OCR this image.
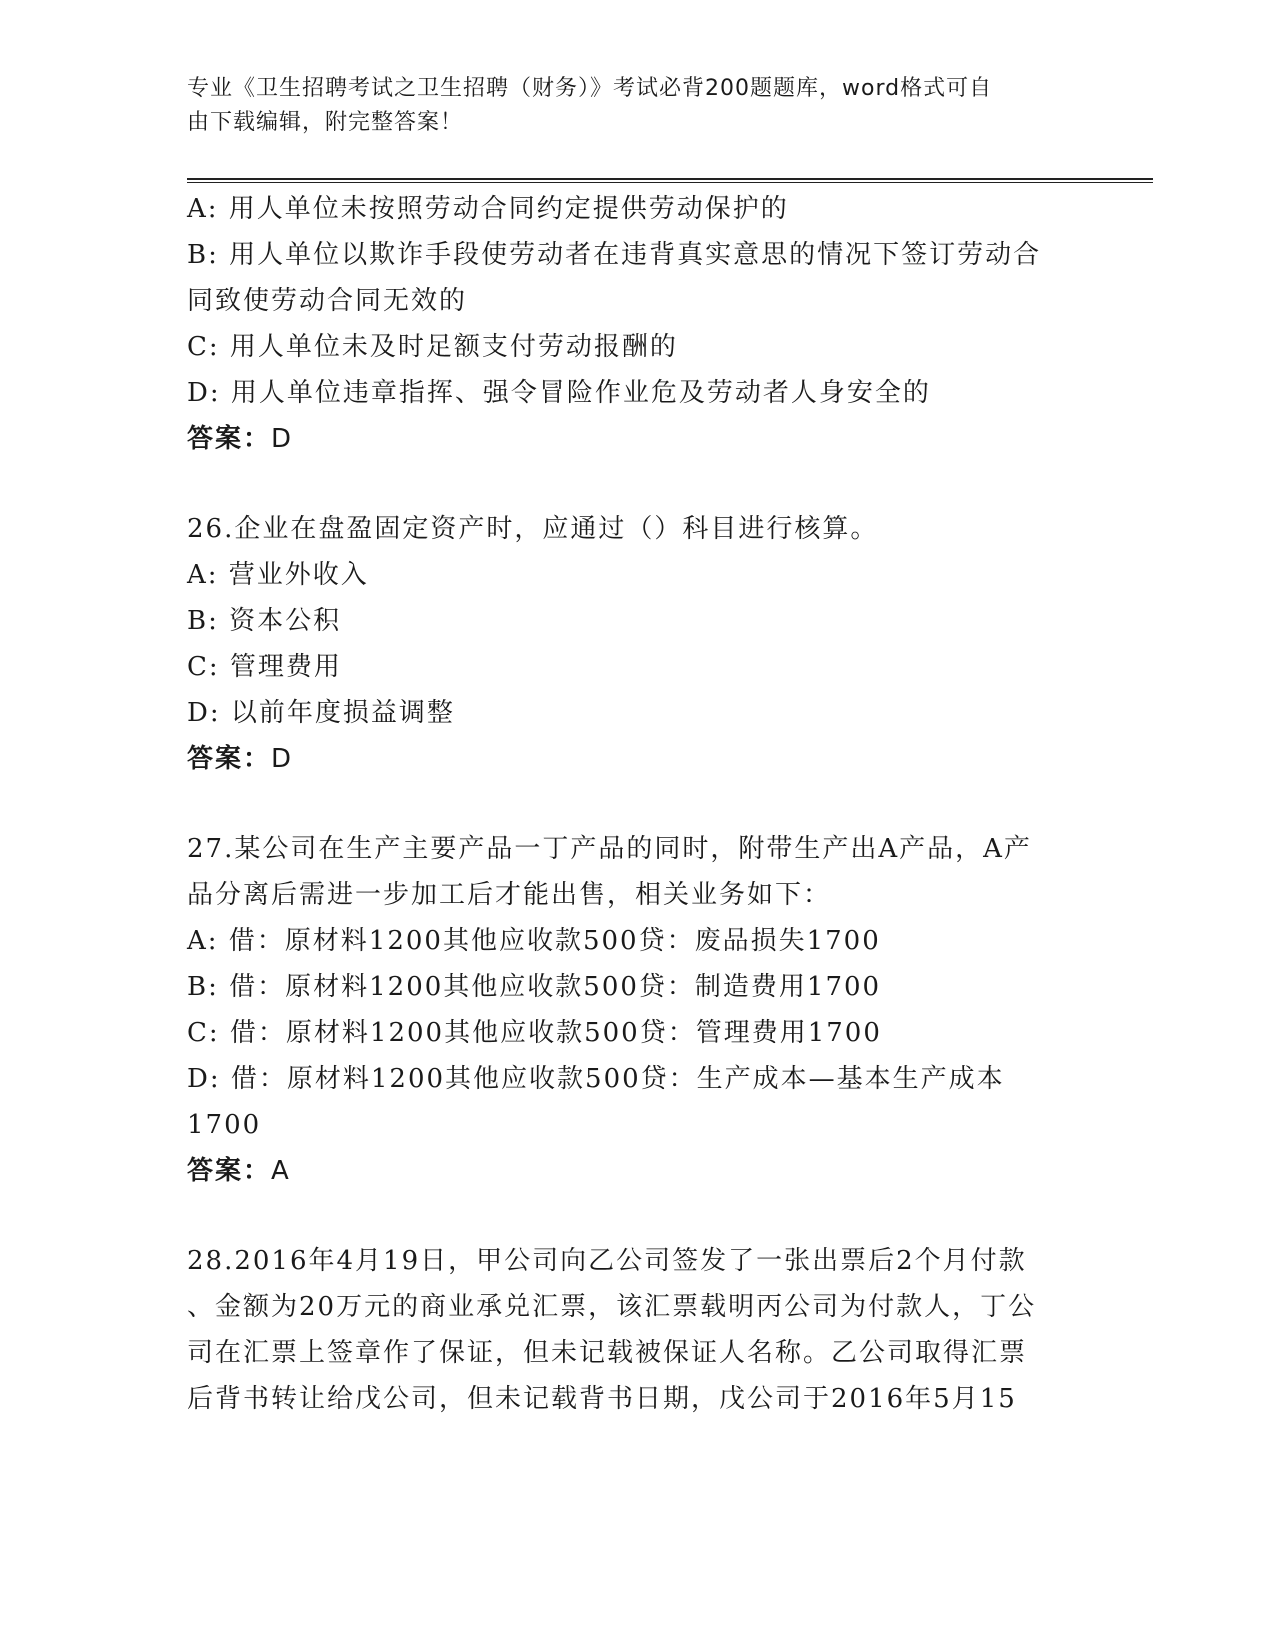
专业《卫生招聘考试之卫生招聘（财务）》考试必背200题题库，word格式可自
由下载编辑，附完整答案！

A: 用人单位未按照劳动合同约定提供劳动保护的

B: 用人单位以欺诈手段使劳动者在违背真实意思的情况下签订劳动合

同致使劳动合同无效的

C: 用人单位未及时足额支付劳动报酬的

D: 用人单位违章指挥、强令冒险作业危及劳动者人身安全的

答案：D

26.企业在盘盈固定资产时，应通过（）科目进行核算。

A: 营业外收入

B: 资本公积

C: 管理费用

D: 以前年度损益调整

答案：D

27.某公司在生产主要产品一丁产品的同时，附带生产出A产品，A产

品分离后需进一步加工后才能出售，相关业务如下：

A: 借：原材料1200其他应收款500贷：废品损失1700

B: 借：原材料1200其他应收款500贷：制造费用1700

C: 借：原材料1200其他应收款500贷：管理费用1700

D: 借：原材料1200其他应收款500贷：生产成本—基本生产成本

1700

答案：A

28.2016年4月19日，甲公司向乙公司签发了一张出票后2个月付款

、金额为20万元的商业承兑汇票，该汇票载明丙公司为付款人，丁公

司在汇票上签章作了保证，但未记载被保证人名称。乙公司取得汇票

后背书转让给戊公司，但未记载背书日期，戊公司于2016年5月15
